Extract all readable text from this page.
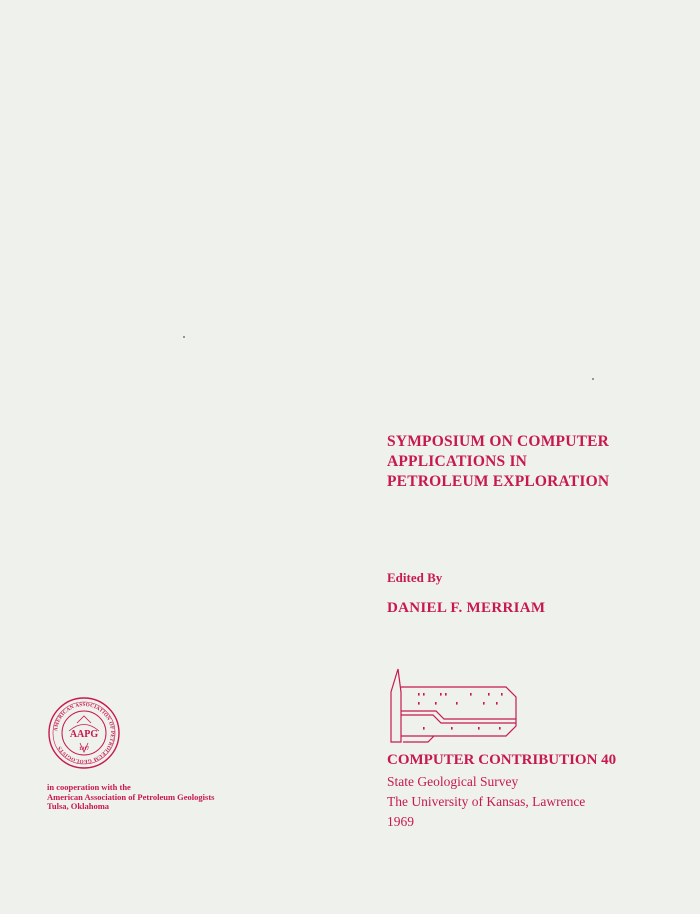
SYMPOSIUM ON COMPUTER
APPLICATIONS IN
PETROLEUM EXPLORATION
Edited By
DANIEL F. MERRIAM
COMPUTER CONTRIBUTION 40
State Geological Survey
The University of Kansas, Lawrence
1969
AMERICAN ASSOCIATION OF PETROLEUM GEOLOGISTS
AAPG
1917
in cooperation with the
American Association of Petroleum Geologists
Tulsa, Oklahoma
